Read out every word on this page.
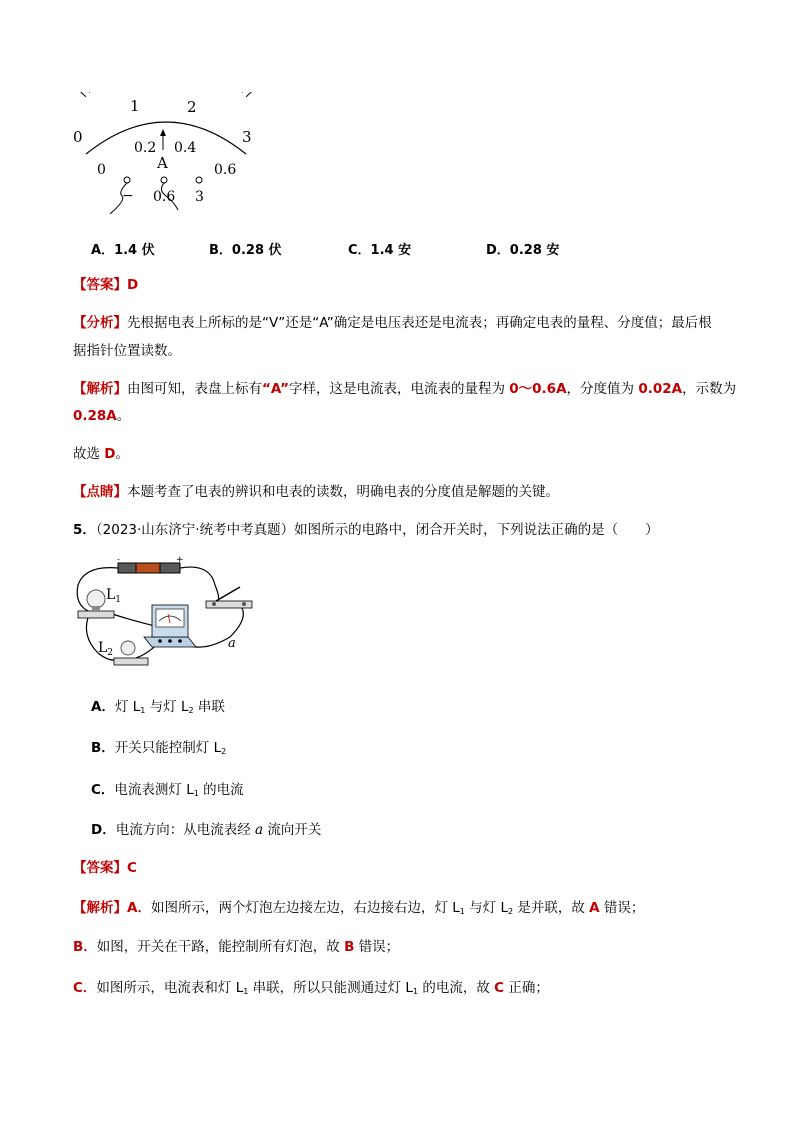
0
1	2
3
0
0.2 0.4
0.6
A
− 0.6 3
A．1.4 伏	B．0.28 伏	C．1.4 安	D．0.28 安
【答案】D
【分析】先根据电表上所标的是“V”还是“A”确定是电压表还是电流表；再确定电表的量程、分度值；最后根
据指针位置读数。
【解析】由图可知，表盘上标有“A”字样，这是电流表，电流表的量程为 0～0.6A，分度值为 0.02A，示数为
0.28A。
故选 D。
【点睛】本题考查了电表的辨识和电表的读数，明确电表的分度值是解题的关键。
5．（2023·山东济宁·统考中考真题）如图所示的电路中，闭合开关时，下列说法正确的是（　　）
-	+
$L_1$
$L_2$
a
A．灯 $L_1$ 与灯 $L_2$ 串联
B．开关只能控制灯 $L_2$
C．电流表测灯 $L_1$ 的电流
D．电流方向：从电流表经 a 流向开关
【答案】C
【解析】A．如图所示，两个灯泡左边接左边，右边接右边，灯 $L_1$ 与灯 $L_2$ 是并联，故 A 错误；
B．如图，开关在干路，能控制所有灯泡，故 B 错误；
C．如图所示，电流表和灯 $L_1$ 串联，所以只能测通过灯 $L_1$ 的电流，故 C 正确；
